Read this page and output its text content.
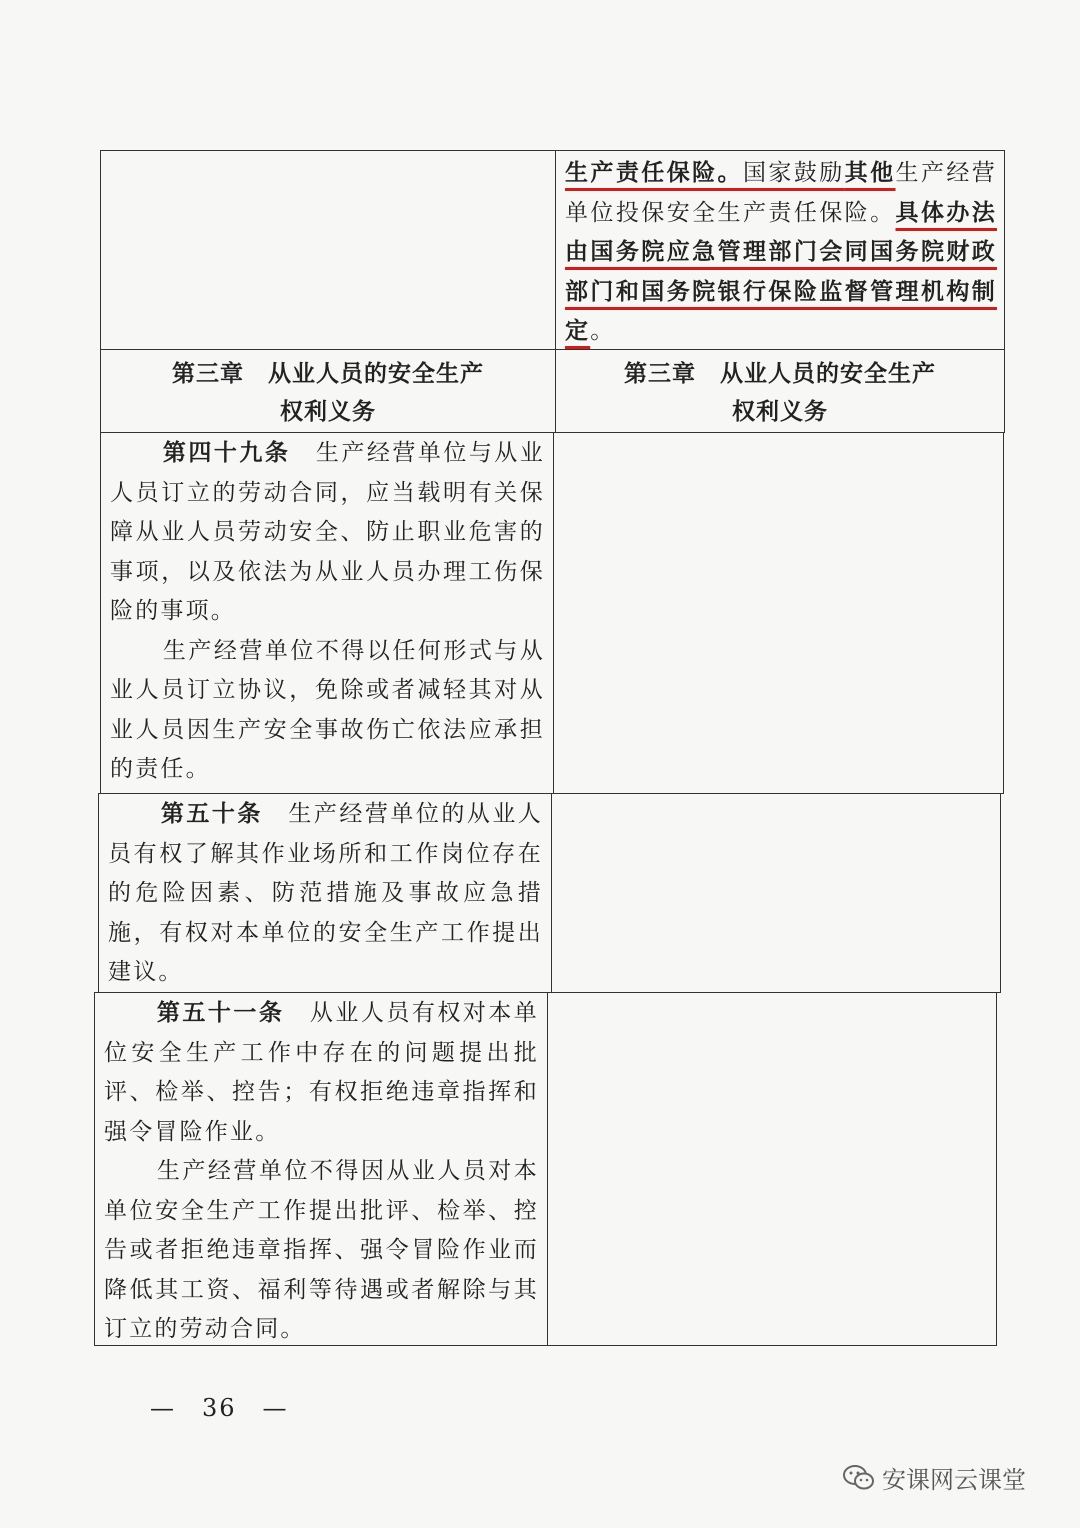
生产责任保险。国家鼓励其他生产经营单位投保安全生产责任保险。具体办法由国务院应急管理部门会同国务院财政部门和国务院银行保险监督管理机构制定。

第三章　从业人员的安全生产
权利义务
第三章　从业人员的安全生产
权利义务

第四十九条　 生产经营单位与从业人员订立的劳动合同，应当载明有关保障从业人员劳动安全、防止职业危害的事项，以及依法为从业人员办理工伤保险的事项。

生产经营单位不得以任何形式与从业人员订立协议，免除或者减轻其对从业人员因生产安全事故伤亡依法应承担的责任。

第五十条　 生产经营单位的从业人员有权了解其作业场所和工作岗位存在的危险因素、防范措施及事故应急措施，有权对本单位的安全生产工作提出建议。

第五十一条　 从业人员有权对本单位安全生产工作中存在的问题提出批评、检举、控告；有权拒绝违章指挥和强令冒险作业。

生产经营单位不得因从业人员对本单位安全生产工作提出批评、检举、控告或者拒绝违章指挥、强令冒险作业而降低其工资、福利等待遇或者解除与其订立的劳动合同。

—　36　—
安课网云课堂
